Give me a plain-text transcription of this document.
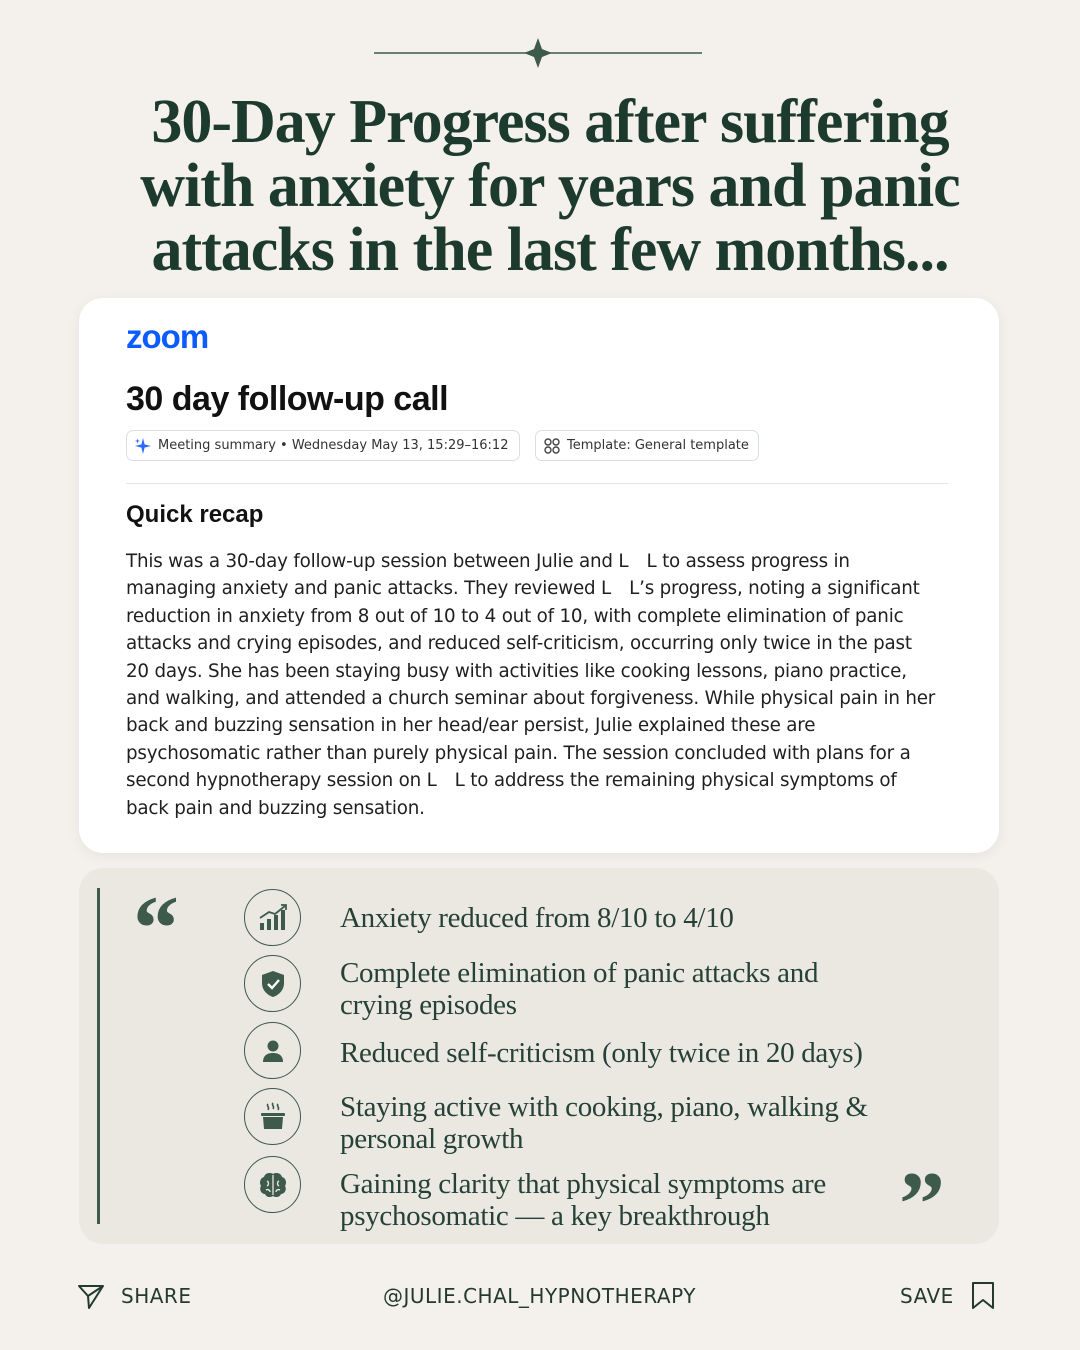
30-Day Progress after suffering with anxiety for years and panic attacks in the last few months...
zoom
30 day follow-up call
Meeting summary • Wednesday May 13, 15:29–16:12	Template: General template
Quick recap

This was a 30-day follow-up session between Julie and L L to assess progress in managing anxiety and panic attacks. They reviewed L L’s progress, noting a significant reduction in anxiety from 8 out of 10 to 4 out of 10, with complete elimination of panic attacks and crying episodes, and reduced self-criticism, occurring only twice in the past 20 days. She has been staying busy with activities like cooking lessons, piano practice, and walking, and attended a church seminar about forgiveness. While physical pain in her back and buzzing sensation in her head/ear persist, Julie explained these are psychosomatic rather than purely physical pain. The session concluded with plans for a second hypnotherapy session on L L to address the remaining physical symptoms of back pain and buzzing sensation.

“
”
Anxiety reduced from 8/10 to 4/10
Complete elimination of panic attacks and crying episodes
Reduced self-criticism (only twice in 20 days)
Staying active with cooking, piano, walking & personal growth
Gaining clarity that physical symptoms are psychosomatic — a key breakthrough
SHARE	@JULIE.CHAL_HYPNOTHERAPY	SAVE
